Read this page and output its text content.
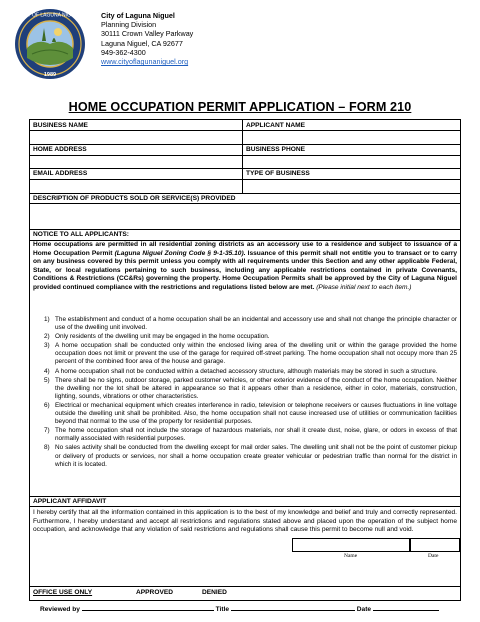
CITY OF LAGUNA NIGUEL
1989
City of Laguna Niguel
Planning Division
30111 Crown Valley Parkway
Laguna Niguel, CA 92677
949-362-4300
www.cityoflagunaniguel.org
HOME OCCUPATION PERMIT APPLICATION – FORM 210
BUSINESS NAME	APPLICANT NAME
HOME ADDRESS	BUSINESS PHONE
EMAIL ADDRESS	TYPE OF BUSINESS
DESCRIPTION OF PRODUCTS SOLD OR SERVICE(S) PROVIDED
NOTICE TO ALL APPLICANTS:
Home occupations are permitted in all residential zoning districts as an accessory use to a residence and subject to issuance of a Home Occupation Permit (Laguna Niguel Zoning Code § 9-1-35.10). Issuance of this permit shall not entitle you to transact or to carry on any business covered by this permit unless you comply with all requirements under this Section and any other applicable Federal, State, or local regulations pertaining to such business, including any applicable restrictions contained in private Covenants, Conditions & Restrictions (CC&Rs) governing the property. Home Occupation Permits shall be approved by the City of Laguna Niguel provided continued compliance with the restrictions and regulations listed below are met. (Please initial next to each item.)
1) The establishment and conduct of a home occupation shall be an incidental and accessory use and shall not change the principle character or use of the dwelling unit involved.
2) Only residents of the dwelling unit may be engaged in the home occupation.
3) A home occupation shall be conducted only within the enclosed living area of the dwelling unit or within the garage provided the home occupation does not limit or prevent the use of the garage for required off-street parking. The home occupation shall not occupy more than 25 percent of the combined floor area of the house and garage.
4) A home occupation shall not be conducted within a detached accessory structure, although materials may be stored in such a structure.
5) There shall be no signs, outdoor storage, parked customer vehicles, or other exterior evidence of the conduct of the home occupation. Neither the dwelling nor the lot shall be altered in appearance so that it appears other than a residence, either in color, materials, construction, lighting, sounds, vibrations or other characteristics.
6) Electrical or mechanical equipment which creates interference in radio, television or telephone receivers or causes fluctuations in line voltage outside the dwelling unit shall be prohibited. Also, the home occupation shall not cause increased use of utilities or communication facilities beyond that normal to the use of the property for residential purposes.
7) The home occupation shall not include the storage of hazardous materials, nor shall it create dust, noise, glare, or odors in excess of that normally associated with residential purposes.
8) No sales activity shall be conducted from the dwelling except for mail order sales. The dwelling unit shall not be the point of customer pickup or delivery of products or services, nor shall a home occupation create greater vehicular or pedestrian traffic than normal for the district in which it is located.
APPLICANT AFFIDAVIT
I hereby certify that all the information contained in this application is to the best of my knowledge and belief and truly and correctly represented. Furthermore, I hereby understand and accept all restrictions and regulations stated above and placed upon the operation of the subject home occupation, and acknowledge that any violation of said restrictions and regulations shall cause this permit to become null and void.
Name	Date
OFFICE USE ONLY	APPROVED	DENIED
Reviewed by	Title	Date
